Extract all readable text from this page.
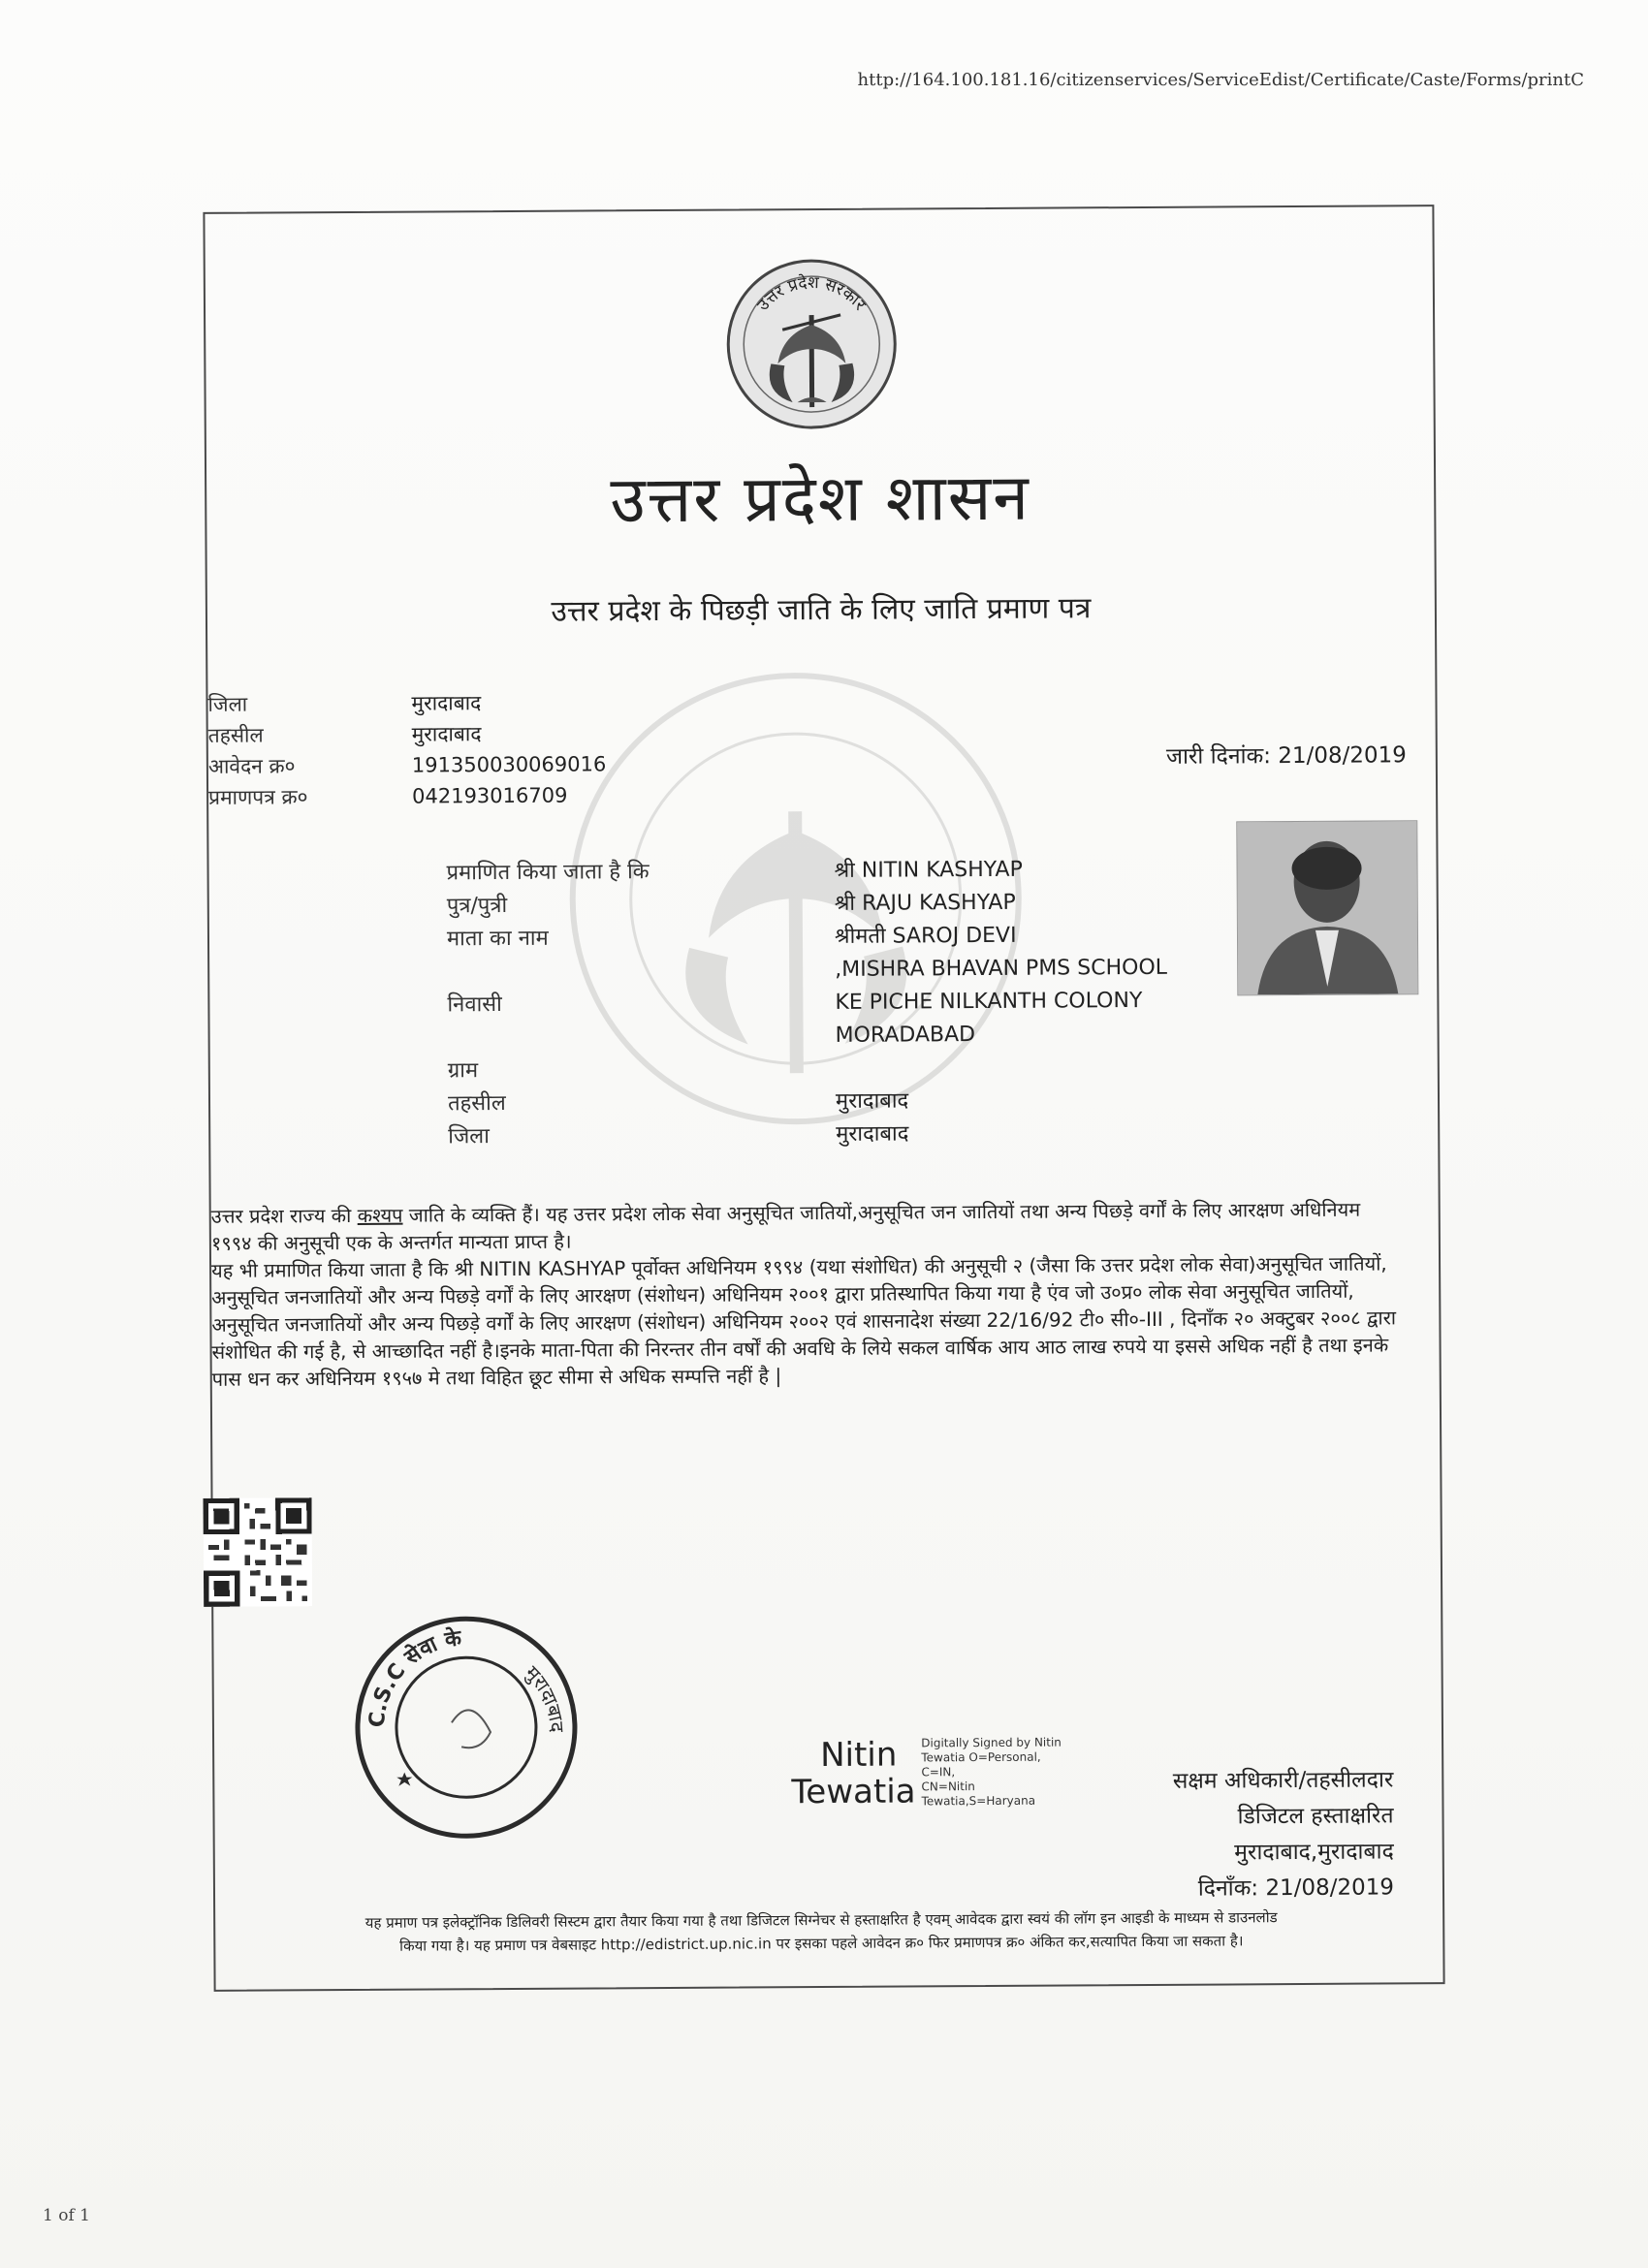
http://164.100.181.16/citizenservices/ServiceEdist/Certificate/Caste/Forms/printC
उत्तर प्रदेश सरकार
उत्तर प्रदेश शासन
उत्तर प्रदेश के पिछड़ी जाति के लिए जाति प्रमाण पत्र
जिला	मुरादाबाद
तहसील	मुरादाबाद
आवेदन क्र०	191350030069016
प्रमाणपत्र क्र०	042193016709
जारी दिनांक: 21/08/2019
प्रमाणित किया जाता है कि	श्री NITIN KASHYAP
पुत्र/पुत्री	श्री RAJU KASHYAP
माता का नाम	श्रीमती SAROJ DEVI
,MISHRA BHAVAN PMS SCHOOL
निवासी	KE PICHE NILKANTH COLONY
MORADABAD
ग्राम
तहसील	मुरादाबाद
जिला	मुरादाबाद

उत्तर प्रदेश राज्य की कश्यप जाति के व्यक्ति हैं। यह उत्तर प्रदेश लोक सेवा अनुसूचित जातियों,अनुसूचित जन जातियों तथा अन्य पिछड़े वर्गों के लिए आरक्षण अधिनियम १९९४ की अनुसूची एक के अन्तर्गत मान्यता प्राप्त है।

यह भी प्रमाणित किया जाता है कि श्री NITIN KASHYAP पूर्वोक्त अधिनियम १९९४ (यथा संशोधित) की अनुसूची २ (जैसा कि उत्तर प्रदेश लोक सेवा)अनुसूचित जातियों, अनुसूचित जनजातियों और अन्य पिछड़े वर्गों के लिए आरक्षण (संशोधन) अधिनियम २००१ द्वारा प्रतिस्थापित किया गया है एंव जो उ०प्र० लोक सेवा अनुसूचित जातियों, अनुसूचित जनजातियों और अन्य पिछड़े वर्गों के लिए आरक्षण (संशोधन) अधिनियम २००२ एवं शासनादेश संख्या 22/16/92 टी० सी०-III , दिनाँक २० अक्टुबर २००८ द्वारा संशोधित की गई है, से आच्छादित नहीं है।इनके माता-पिता की निरन्तर तीन वर्षों की अवधि के लिये सकल वार्षिक आय आठ लाख रुपये या इससे अधिक नहीं है तथा इनके पास धन कर अधिनियम १९५७ मे तथा विहित छूट सीमा से अधिक सम्पत्ति नहीं है |

C.S.C सेवा के
मुरादाबाद
Nitin
Tewatia
Digitally Signed by Nitin
Tewatia O=Personal, C=IN,
CN=Nitin
Tewatia,S=Haryana
सक्षम अधिकारी/तहसीलदार
डिजिटल हस्ताक्षरित
मुरादाबाद,मुरादाबाद
दिनाँक: 21/08/2019
यह प्रमाण पत्र इलेक्ट्रॉनिक डिलिवरी सिस्टम द्वारा तैयार किया गया है तथा डिजिटल सिग्नेचर से हस्ताक्षरित है एवम् आवेदक द्वारा स्वयं की लॉग इन आइडी के माध्यम से डाउनलोड
किया गया है। यह प्रमाण पत्र वेबसाइट http://edistrict.up.nic.in पर इसका पहले आवेदन क्र० फिर प्रमाणपत्र क्र० अंकित कर,सत्यापित किया जा सकता है।
1 of 1
